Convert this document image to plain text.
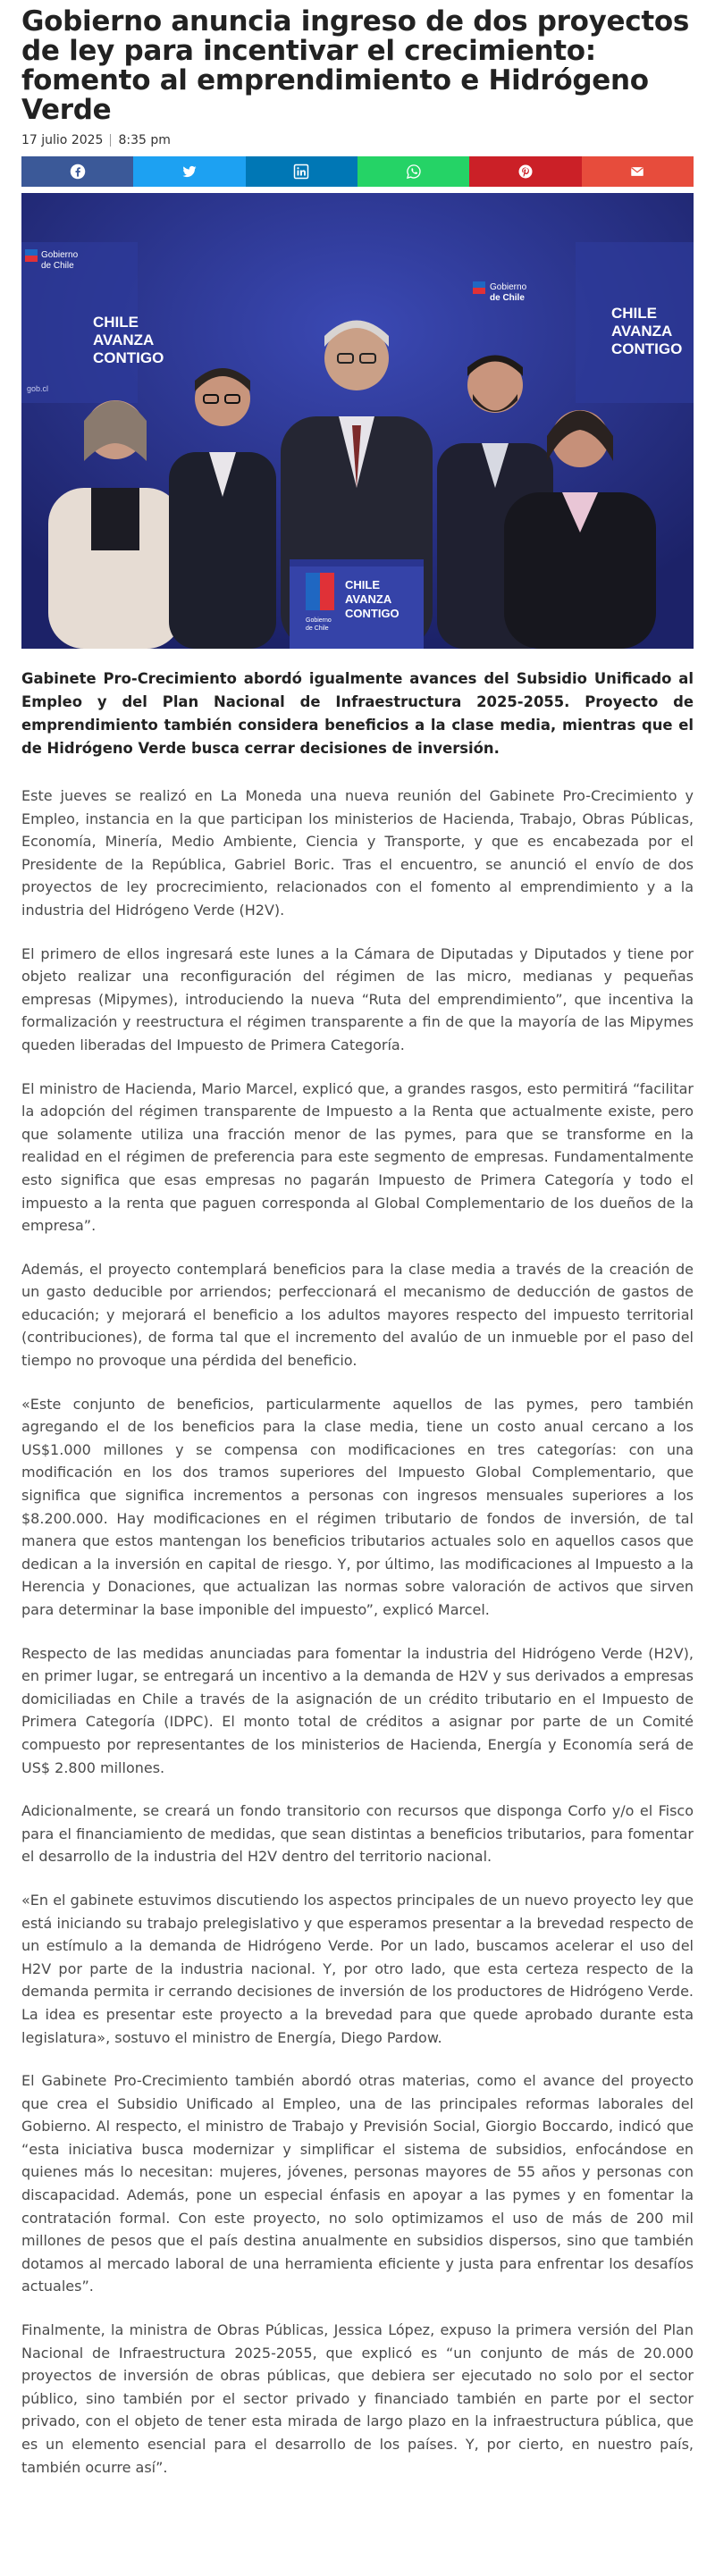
Gobierno anuncia ingreso de dos proyectos de ley para incentivar el crecimiento: fomento al emprendimiento e Hidrógeno Verde
17 julio 2025 8:35 pm
Gobierno
de Chile
CHILE
AVANZA
CONTIGO
gob.cl
Gobierno
de Chile
CHILE
AVANZA
CONTIGO
Gobierno
de Chile
CHILE
AVANZA
CONTIGO

Gabinete Pro-Crecimiento abordó igualmente avances del Subsidio Unificado al Empleo y del Plan Nacional de Infraestructura 2025-2055. Proyecto de emprendimiento también considera beneficios a la clase media, mientras que el de Hidrógeno Verde busca cerrar decisiones de inversión.

Este jueves se realizó en La Moneda una nueva reunión del Gabinete Pro-Crecimiento y Empleo, instancia en la que participan los ministerios de Hacienda, Trabajo, Obras Públicas, Economía, Minería, Medio Ambiente, Ciencia y Transporte, y que es encabezada por el Presidente de la República, Gabriel Boric. Tras el encuentro, se anunció el envío de dos proyectos de ley procrecimiento, relacionados con el fomento al emprendimiento y a la industria del Hidrógeno Verde (H2V).

El primero de ellos ingresará este lunes a la Cámara de Diputadas y Diputados y tiene por objeto realizar una reconfiguración del régimen de las micro, medianas y pequeñas empresas (Mipymes), introduciendo la nueva “Ruta del emprendimiento”, que incentiva la formalización y reestructura el régimen transparente a fin de que la mayoría de las Mipymes queden liberadas del Impuesto de Primera Categoría.

El ministro de Hacienda, Mario Marcel, explicó que, a grandes rasgos, esto permitirá “facilitar la adopción del régimen transparente de Impuesto a la Renta que actualmente existe, pero que solamente utiliza una fracción menor de las pymes, para que se transforme en la realidad en el régimen de preferencia para este segmento de empresas. Fundamentalmente esto significa que esas empresas no pagarán Impuesto de Primera Categoría y todo el impuesto a la renta que paguen corresponda al Global Complementario de los dueños de la empresa”.

Además, el proyecto contemplará beneficios para la clase media a través de la creación de un gasto deducible por arriendos; perfeccionará el mecanismo de deducción de gastos de educación; y mejorará el beneficio a los adultos mayores respecto del impuesto territorial (contribuciones), de forma tal que el incremento del avalúo de un inmueble por el paso del tiempo no provoque una pérdida del beneficio.

«Este conjunto de beneficios, particularmente aquellos de las pymes, pero también agregando el de los beneficios para la clase media, tiene un costo anual cercano a los US$1.000 millones y se compensa con modificaciones en tres categorías: con una modificación en los dos tramos superiores del Impuesto Global Complementario, que significa que significa incrementos a personas con ingresos mensuales superiores a los $8.200.000. Hay modificaciones en el régimen tributario de fondos de inversión, de tal manera que estos mantengan los beneficios tributarios actuales solo en aquellos casos que dedican a la inversión en capital de riesgo. Y, por último, las modificaciones al Impuesto a la Herencia y Donaciones, que actualizan las normas sobre valoración de activos que sirven para determinar la base imponible del impuesto”, explicó Marcel.

Respecto de las medidas anunciadas para fomentar la industria del Hidrógeno Verde (H2V), en primer lugar, se entregará un incentivo a la demanda de H2V y sus derivados a empresas domiciliadas en Chile a través de la asignación de un crédito tributario en el Impuesto de Primera Categoría (IDPC). El monto total de créditos a asignar por parte de un Comité compuesto por representantes de los ministerios de Hacienda, Energía y Economía será de US$ 2.800 millones.

Adicionalmente, se creará un fondo transitorio con recursos que disponga Corfo y/o el Fisco para el financiamiento de medidas, que sean distintas a beneficios tributarios, para fomentar el desarrollo de la industria del H2V dentro del territorio nacional.

«En el gabinete estuvimos discutiendo los aspectos principales de un nuevo proyecto ley que está iniciando su trabajo prelegislativo y que esperamos presentar a la brevedad respecto de un estímulo a la demanda de Hidrógeno Verde. Por un lado, buscamos acelerar el uso del H2V por parte de la industria nacional. Y, por otro lado, que esta certeza respecto de la demanda permita ir cerrando decisiones de inversión de los productores de Hidrógeno Verde. La idea es presentar este proyecto a la brevedad para que quede aprobado durante esta legislatura», sostuvo el ministro de Energía, Diego Pardow.

El Gabinete Pro-Crecimiento también abordó otras materias, como el avance del proyecto que crea el Subsidio Unificado al Empleo, una de las principales reformas laborales del Gobierno. Al respecto, el ministro de Trabajo y Previsión Social, Giorgio Boccardo, indicó que “esta iniciativa busca modernizar y simplificar el sistema de subsidios, enfocándose en quienes más lo necesitan: mujeres, jóvenes, personas mayores de 55 años y personas con discapacidad. Además, pone un especial énfasis en apoyar a las pymes y en fomentar la contratación formal. Con este proyecto, no solo optimizamos el uso de más de 200 mil millones de pesos que el país destina anualmente en subsidios dispersos, sino que también dotamos al mercado laboral de una herramienta eficiente y justa para enfrentar los desafíos actuales”.

Finalmente, la ministra de Obras Públicas, Jessica López, expuso la primera versión del Plan Nacional de Infraestructura 2025-2055, que explicó es “un conjunto de más de 20.000 proyectos de inversión de obras públicas, que debiera ser ejecutado no solo por el sector público, sino también por el sector privado y financiado también en parte por el sector privado, con el objeto de tener esta mirada de largo plazo en la infraestructura pública, que es un elemento esencial para el desarrollo de los países. Y, por cierto, en nuestro país, también ocurre así”.
